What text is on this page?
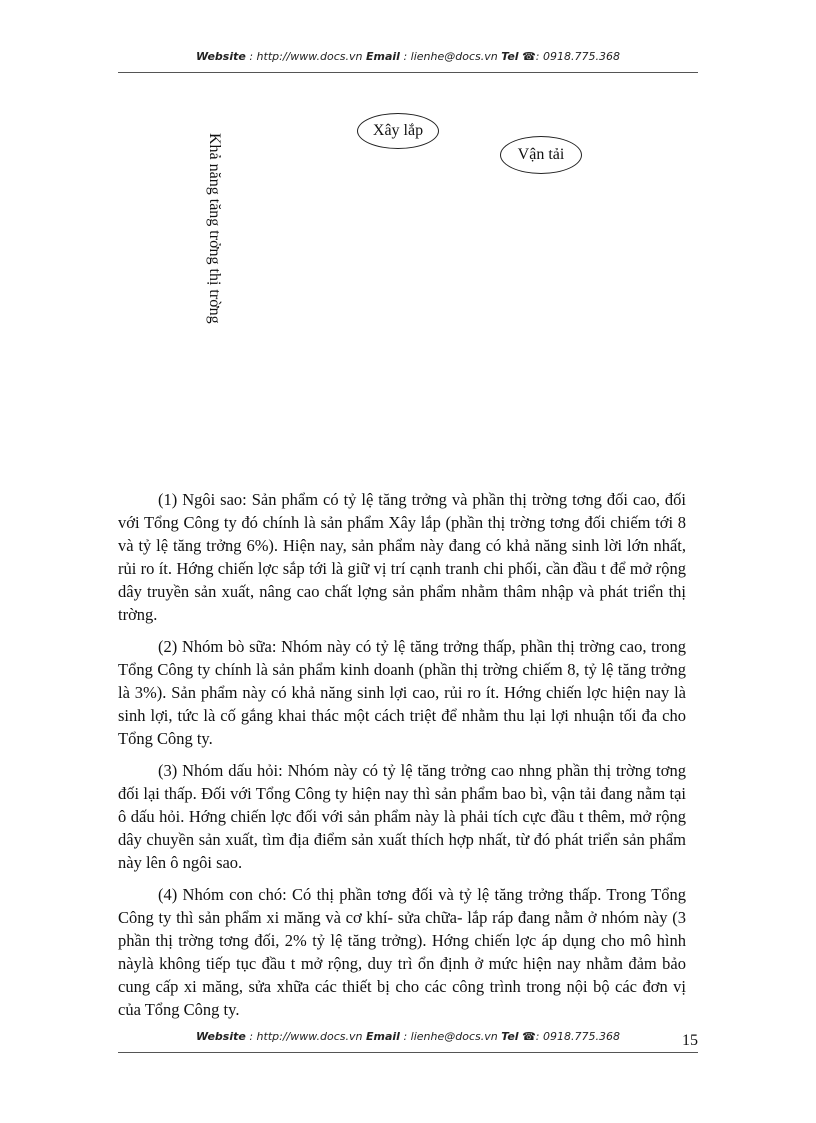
Website : http://www.docs.vn Email : lienhe@docs.vn Tel ☎: 0918.775.368
Xây lắp
Vận tải
Khả năng tăng trởng thị trờng

(1) Ngôi sao: Sản phẩm có tỷ lệ tăng trởng và phần thị trờng tơng đối cao, đối với Tổng Công ty đó chính là sản phẩm Xây lắp (phần thị trờng tơng đối chiếm tới 8 và tỷ lệ tăng trởng 6%). Hiện nay, sản phẩm này đang có khả năng sinh lời lớn nhất, rủi ro ít. Hớng chiến lợc sắp tới là giữ vị trí cạnh tranh chi phối, cần đầu t để mở rộng dây truyền sản xuất, nâng cao chất lợng sản phẩm nhằm thâm nhập và phát triển thị trờng.

(2) Nhóm bò sữa: Nhóm này có tỷ lệ tăng trởng thấp, phần thị trờng cao, trong Tổng Công ty chính là sản phẩm kinh doanh (phần thị trờng chiếm 8, tỷ lệ tăng trởng là 3%). Sản phẩm này có khả năng sinh lợi cao, rủi ro ít. Hớng chiến lợc hiện nay là sinh lợi, tức là cố gắng khai thác một cách triệt để nhằm thu lại lợi nhuận tối đa cho Tổng Công ty.

(3) Nhóm dấu hỏi: Nhóm này có tỷ lệ tăng trởng cao nhng phần thị trờng tơng đối lại thấp. Đối với Tổng Công ty hiện nay thì sản phẩm bao bì, vận tải đang nằm tại ô dấu hỏi. Hớng chiến lợc đối với sản phẩm này là phải tích cực đầu t thêm, mở rộng dây chuyền sản xuất, tìm địa điểm sản xuất thích hợp nhất, từ đó phát triển sản phẩm này lên ô ngôi sao.

(4) Nhóm con chó: Có thị phần tơng đối và tỷ lệ tăng trởng thấp. Trong Tổng Công ty thì sản phẩm xi măng và cơ khí- sửa chữa- lắp ráp đang nằm ở nhóm này (3 phần thị trờng tơng đối, 2% tỷ lệ tăng trởng). Hớng chiến lợc áp dụng cho mô hình nàylà không tiếp tục đầu t mở rộng, duy trì ổn định ở mức hiện nay nhằm đảm bảo cung cấp xi măng, sửa xhữa các thiết bị cho các công trình trong nội bộ các đơn vị của Tổng Công ty.

Website : http://www.docs.vn Email : lienhe@docs.vn Tel ☎: 0918.775.368	15
